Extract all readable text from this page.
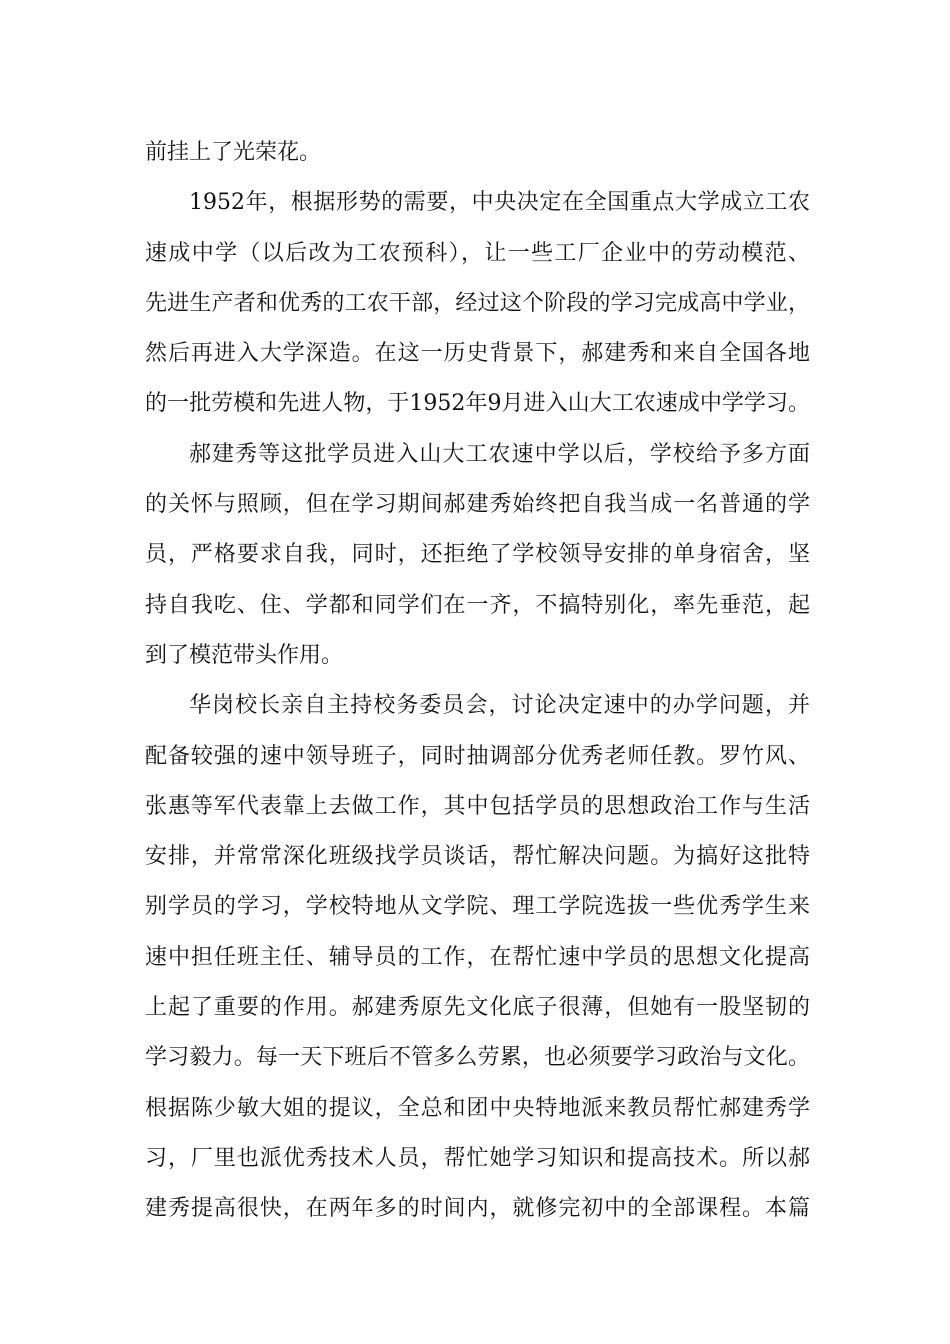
前挂上了光荣花。
1952年，根据形势的需要，中央决定在全国重点大学成立工农
速成中学（以后改为工农预科），让一些工厂企业中的劳动模范、
先进生产者和优秀的工农干部，经过这个阶段的学习完成高中学业，
然后再进入大学深造。在这一历史背景下，郝建秀和来自全国各地
的一批劳模和先进人物，于1952年9月进入山大工农速成中学学习。
郝建秀等这批学员进入山大工农速中学以后，学校给予多方面
的关怀与照顾，但在学习期间郝建秀始终把自我当成一名普通的学
员，严格要求自我，同时，还拒绝了学校领导安排的单身宿舍，坚
持自我吃、住、学都和同学们在一齐，不搞特别化，率先垂范，起
到了模范带头作用。
华岗校长亲自主持校务委员会，讨论决定速中的办学问题，并
配备较强的速中领导班子，同时抽调部分优秀老师任教。罗竹风、
张惠等军代表靠上去做工作，其中包括学员的思想政治工作与生活
安排，并常常深化班级找学员谈话，帮忙解决问题。为搞好这批特
别学员的学习，学校特地从文学院、理工学院选拔一些优秀学生来
速中担任班主任、辅导员的工作，在帮忙速中学员的思想文化提高
上起了重要的作用。郝建秀原先文化底子很薄，但她有一股坚韧的
学习毅力。每一天下班后不管多么劳累，也必须要学习政治与文化。
根据陈少敏大姐的提议，全总和团中央特地派来教员帮忙郝建秀学
习，厂里也派优秀技术人员，帮忙她学习知识和提高技术。所以郝
建秀提高很快，在两年多的时间内，就修完初中的全部课程。本篇
